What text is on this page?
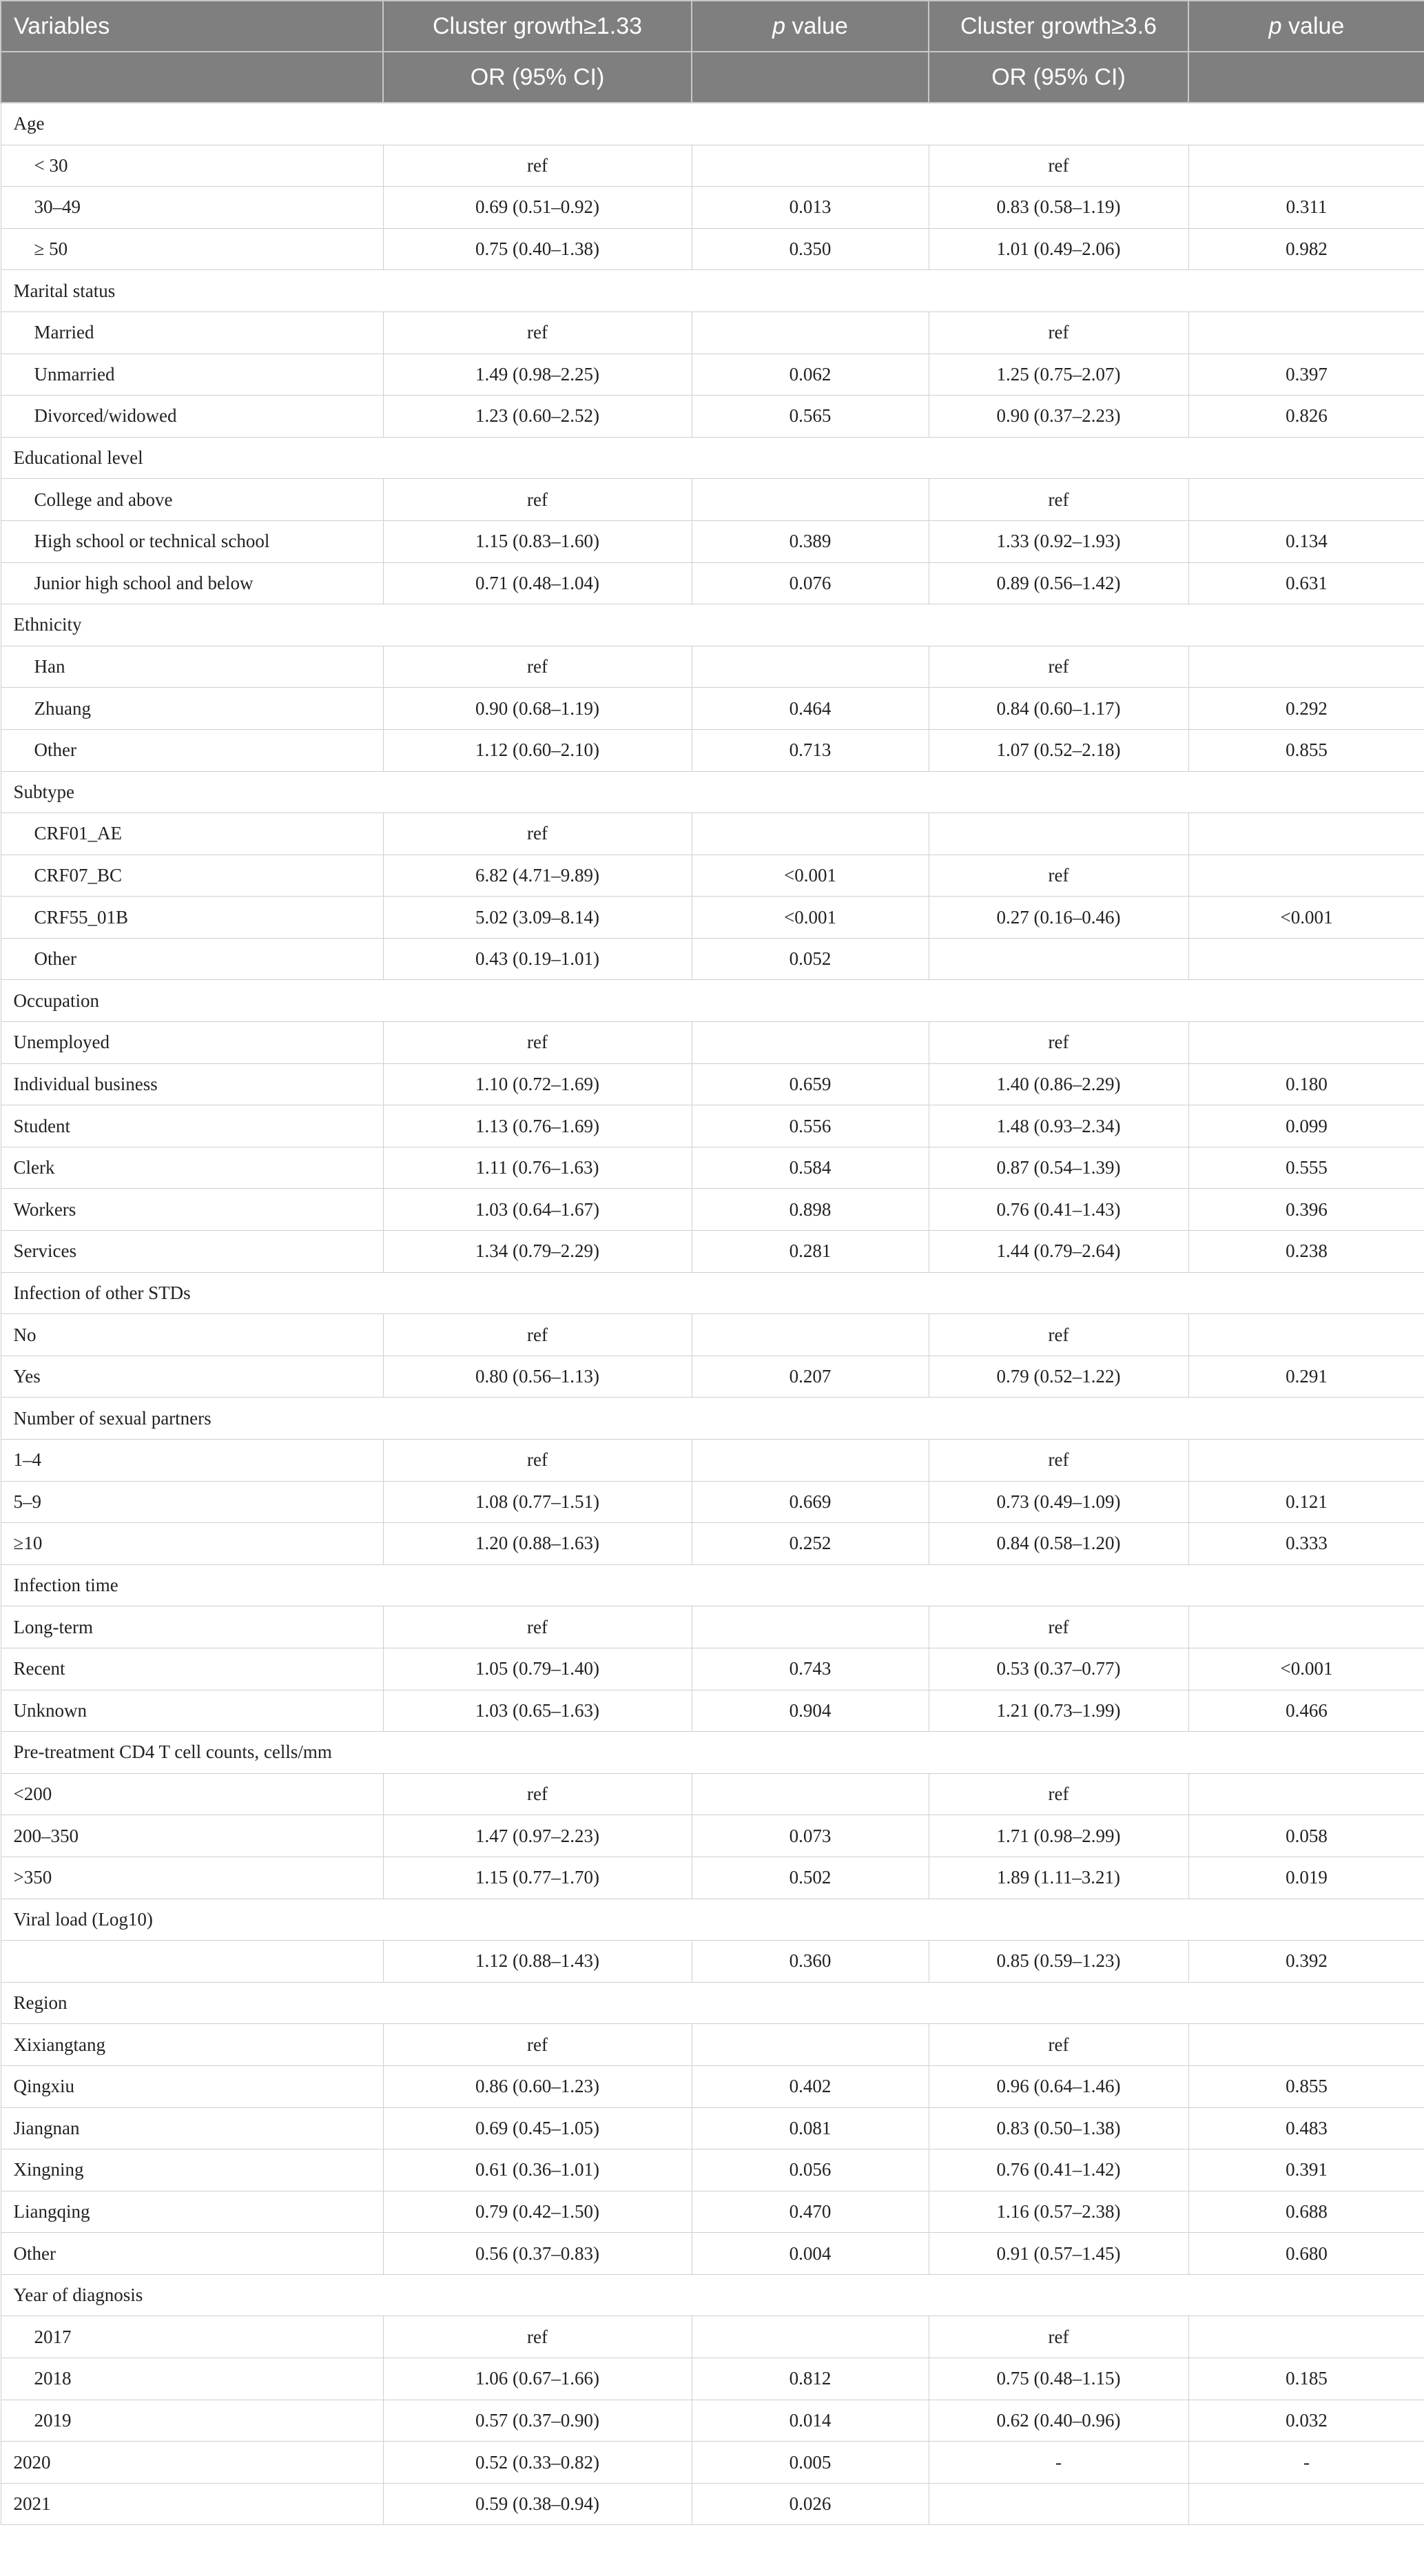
Variables	Cluster growth≥1.33	p value	Cluster growth≥3.6	p value
	OR (95% CI)		OR (95% CI)	
Age				
< 30	ref		ref	
30–49	0.69 (0.51–0.92)	0.013	0.83 (0.58–1.19)	0.311
≥ 50	0.75 (0.40–1.38)	0.350	1.01 (0.49–2.06)	0.982
Marital status				
Married	ref		ref	
Unmarried	1.49 (0.98–2.25)	0.062	1.25 (0.75–2.07)	0.397
Divorced/widowed	1.23 (0.60–2.52)	0.565	0.90 (0.37–2.23)	0.826
Educational level				
College and above	ref		ref	
High school or technical school	1.15 (0.83–1.60)	0.389	1.33 (0.92–1.93)	0.134
Junior high school and below	0.71 (0.48–1.04)	0.076	0.89 (0.56–1.42)	0.631
Ethnicity				
Han	ref		ref	
Zhuang	0.90 (0.68–1.19)	0.464	0.84 (0.60–1.17)	0.292
Other	1.12 (0.60–2.10)	0.713	1.07 (0.52–2.18)	0.855
Subtype				
CRF01_AE	ref			
CRF07_BC	6.82 (4.71–9.89)	<0.001	ref	
CRF55_01B	5.02 (3.09–8.14)	<0.001	0.27 (0.16–0.46)	<0.001
Other	0.43 (0.19–1.01)	0.052		
Occupation				
Unemployed	ref		ref	
Individual business	1.10 (0.72–1.69)	0.659	1.40 (0.86–2.29)	0.180
Student	1.13 (0.76–1.69)	0.556	1.48 (0.93–2.34)	0.099
Clerk	1.11 (0.76–1.63)	0.584	0.87 (0.54–1.39)	0.555
Workers	1.03 (0.64–1.67)	0.898	0.76 (0.41–1.43)	0.396
Services	1.34 (0.79–2.29)	0.281	1.44 (0.79–2.64)	0.238
Infection of other STDs				
No	ref		ref	
Yes	0.80 (0.56–1.13)	0.207	0.79 (0.52–1.22)	0.291
Number of sexual partners				
1–4	ref		ref	
5–9	1.08 (0.77–1.51)	0.669	0.73 (0.49–1.09)	0.121
≥10	1.20 (0.88–1.63)	0.252	0.84 (0.58–1.20)	0.333
Infection time				
Long-term	ref		ref	
Recent	1.05 (0.79–1.40)	0.743	0.53 (0.37–0.77)	<0.001
Unknown	1.03 (0.65–1.63)	0.904	1.21 (0.73–1.99)	0.466
Pre-treatment CD4 T cell counts, cells/mm				
<200	ref		ref	
200–350	1.47 (0.97–2.23)	0.073	1.71 (0.98–2.99)	0.058
>350	1.15 (0.77–1.70)	0.502	1.89 (1.11–3.21)	0.019
Viral load (Log10)				
	1.12 (0.88–1.43)	0.360	0.85 (0.59–1.23)	0.392
Region				
Xixiangtang	ref		ref	
Qingxiu	0.86 (0.60–1.23)	0.402	0.96 (0.64–1.46)	0.855
Jiangnan	0.69 (0.45–1.05)	0.081	0.83 (0.50–1.38)	0.483
Xingning	0.61 (0.36–1.01)	0.056	0.76 (0.41–1.42)	0.391
Liangqing	0.79 (0.42–1.50)	0.470	1.16 (0.57–2.38)	0.688
Other	0.56 (0.37–0.83)	0.004	0.91 (0.57–1.45)	0.680
Year of diagnosis				
2017	ref		ref	
2018	1.06 (0.67–1.66)	0.812	0.75 (0.48–1.15)	0.185
2019	0.57 (0.37–0.90)	0.014	0.62 (0.40–0.96)	0.032
2020	0.52 (0.33–0.82)	0.005	-	-
2021	0.59 (0.38–0.94)	0.026		
